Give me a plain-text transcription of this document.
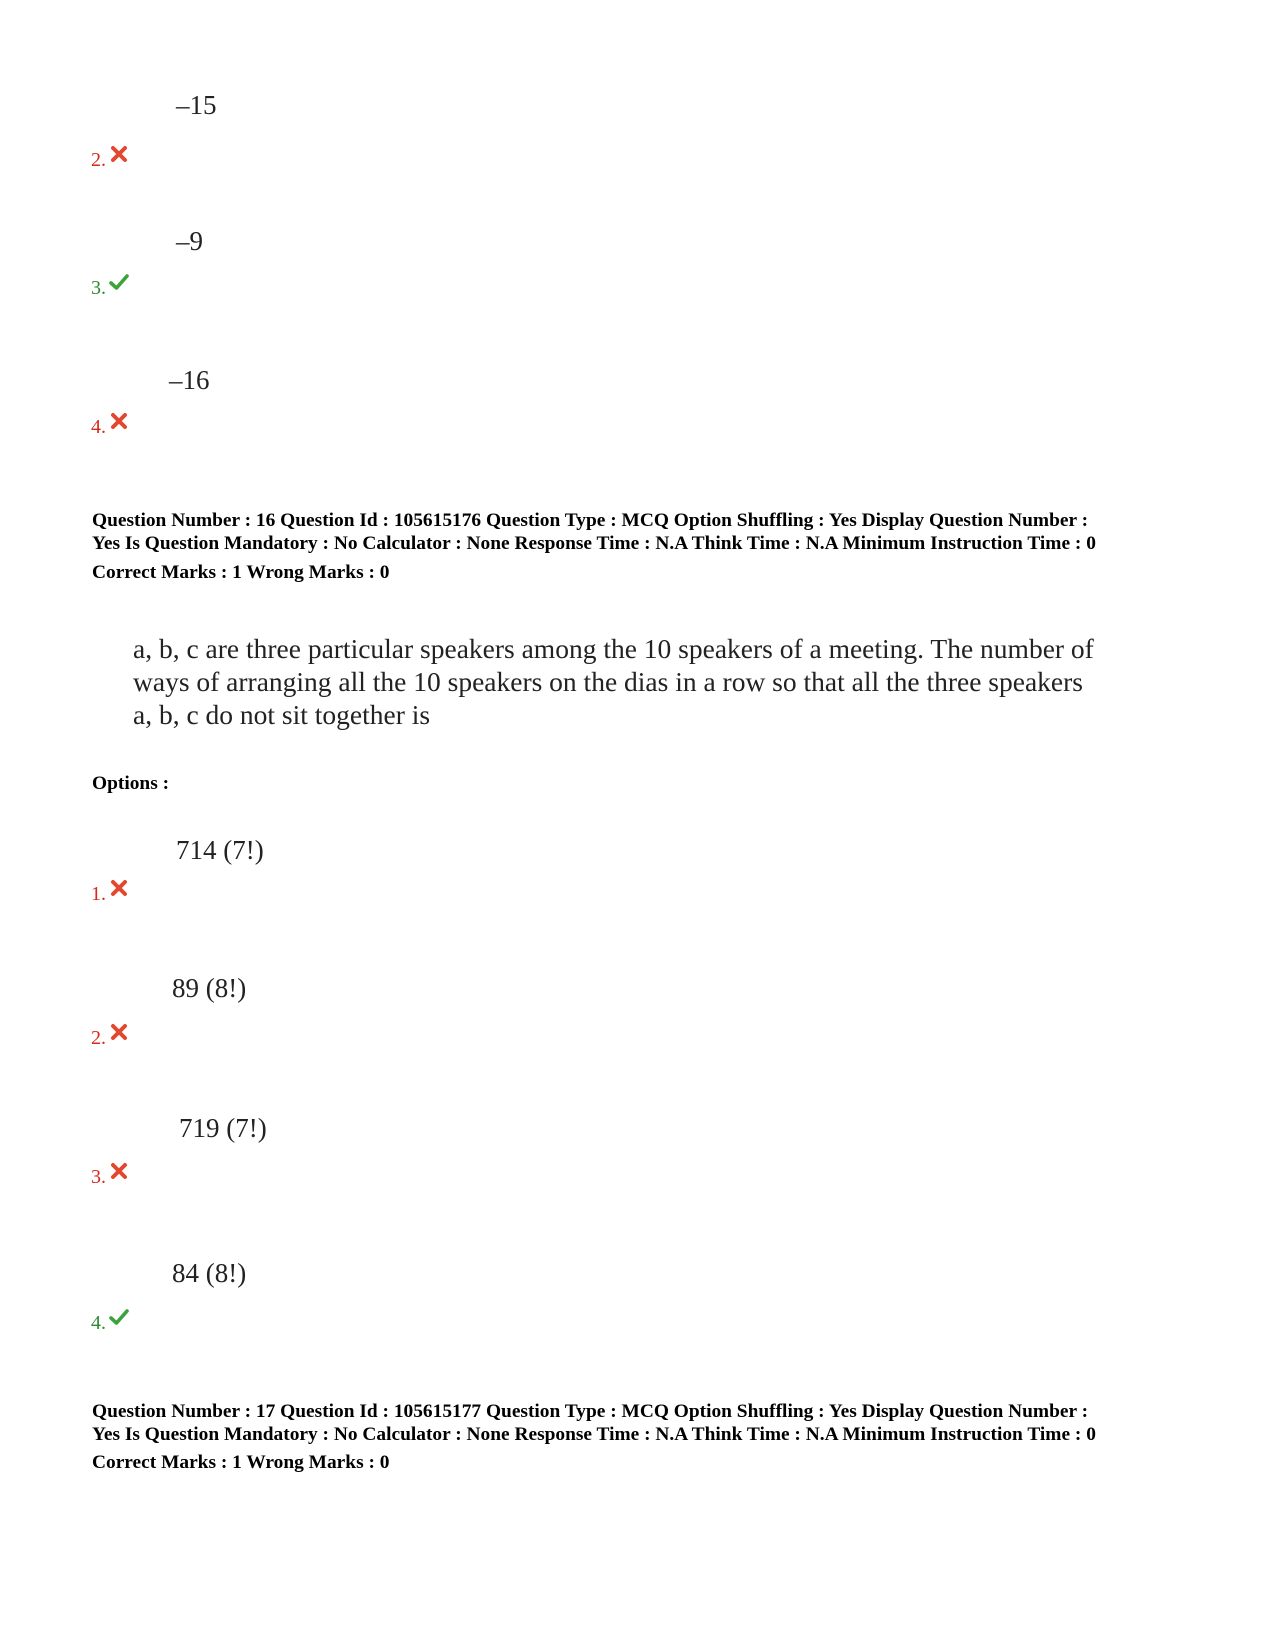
–15
2.
–9
3.
–16
4.
Question Number : 16 Question Id : 105615176 Question Type : MCQ Option Shuffling : Yes Display Question Number :
Yes Is Question Mandatory : No Calculator : None Response Time : N.A Think Time : N.A Minimum Instruction Time : 0
Correct Marks : 1 Wrong Marks : 0
a, b, c are three particular speakers among the 10 speakers of a meeting. The number of
ways of arranging all the 10 speakers on the dias in a row so that all the three speakers
a, b, c do not sit together is
Options :
714 (7!)
1.
89 (8!)
2.
719 (7!)
3.
84 (8!)
4.
Question Number : 17 Question Id : 105615177 Question Type : MCQ Option Shuffling : Yes Display Question Number :
Yes Is Question Mandatory : No Calculator : None Response Time : N.A Think Time : N.A Minimum Instruction Time : 0
Correct Marks : 1 Wrong Marks : 0
